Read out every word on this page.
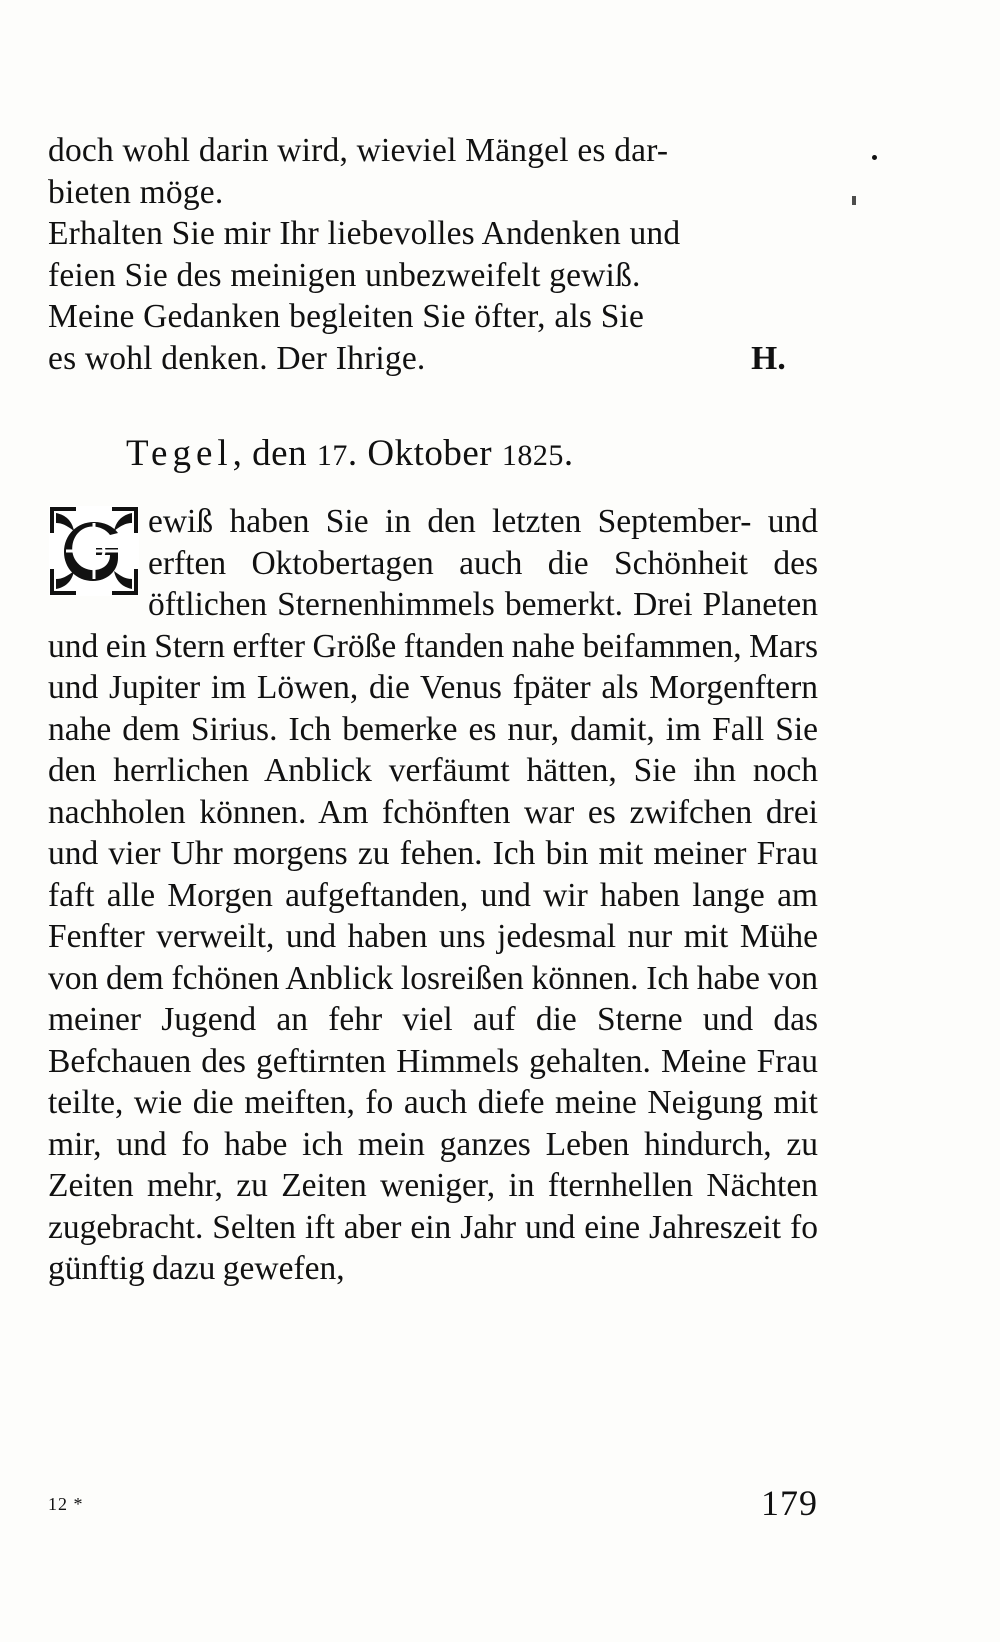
doch wohl darin wird, wieviel Mängel es dar-
bieten möge.
Erhalten Sie mir Ihr liebevolles Andenken und
feien Sie des meinigen unbezweifelt gewiß.
Meine Gedanken begleiten Sie öfter, als Sie

es wohl denken. Der Ihrige.	H.

Tegel, den 17. Oktober 1825.

ewiß haben Sie in den letzten September- und erften Oktobertagen auch die Schönheit des öftlichen Sternenhimmels bemerkt. Drei Planeten und ein Stern erfter Größe ftanden nahe beifammen, Mars und Jupiter im Löwen, die Venus fpäter als Morgenftern nahe dem Sirius. Ich bemerke es nur, damit, im Fall Sie den herrlichen Anblick verfäumt hätten, Sie ihn noch nachholen können. Am fchönften war es zwifchen drei und vier Uhr morgens zu fehen. Ich bin mit meiner Frau faft alle Morgen aufgeftanden, und wir haben lange am Fenfter verweilt, und haben uns jedesmal nur mit Mühe von dem fchönen Anblick losreißen können. Ich habe von meiner Jugend an fehr viel auf die Sterne und das Befchauen des geftirnten Himmels gehalten. Meine Frau teilte, wie die meiften, fo auch diefe meine Neigung mit mir, und fo habe ich mein ganzes Leben hindurch, zu Zeiten mehr, zu Zeiten weniger, in fternhellen Nächten zugebracht. Selten ift aber ein Jahr und eine Jahreszeit fo günftig dazu gewefen,

12 *	179
